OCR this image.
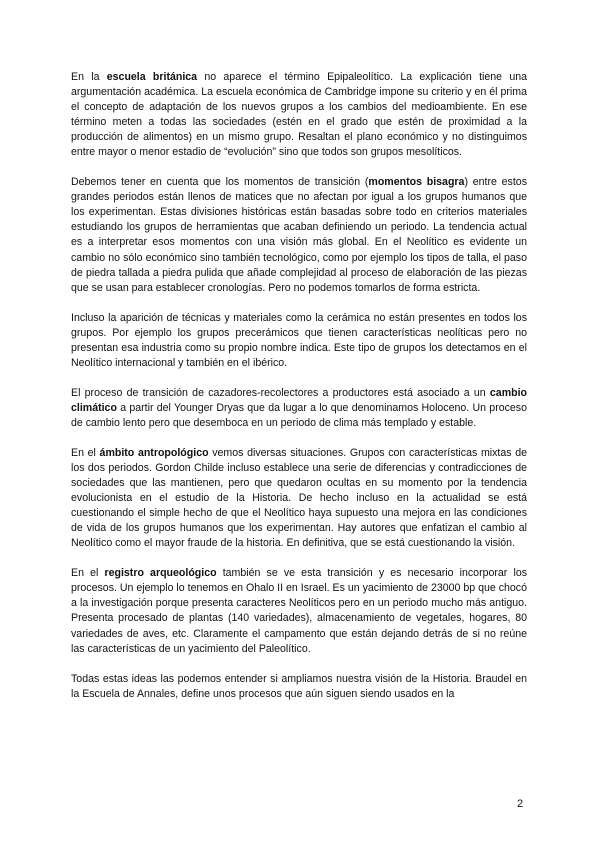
En la escuela británica no aparece el término Epipaleolítico. La explicación tiene una argumentación académica. La escuela económica de Cambridge impone su criterio y en él prima el concepto de adaptación de los nuevos grupos a los cambios del medioambiente. En ese término meten a todas las sociedades (estén en el grado que estén de proximidad a la producción de alimentos) en un mismo grupo. Resaltan el plano económico y no distinguimos entre mayor o menor estadio de “evolución” sino que todos son grupos mesolíticos.

Debemos tener en cuenta que los momentos de transición (momentos bisagra) entre estos grandes periodos están llenos de matices que no afectan por igual a los grupos humanos que los experimentan. Estas divisiones históricas están basadas sobre todo en criterios materiales estudiando los grupos de herramientas que acaban definiendo un periodo. La tendencia actual es a interpretar esos momentos con una visión más global. En el Neolítico es evidente un cambio no sólo económico sino también tecnológico, como por ejemplo los tipos de talla, el paso de piedra tallada a piedra pulida que añade complejidad al proceso de elaboración de las piezas que se usan para establecer cronologías. Pero no podemos tomarlos de forma estricta.

Incluso la aparición de técnicas y materiales como la cerámica no están presentes en todos los grupos. Por ejemplo los grupos precerámicos que tienen características neolíticas pero no presentan esa industria como su propio nombre indica. Este tipo de grupos los detectamos en el Neolítico internacional y también en el ibérico.

El proceso de transición de cazadores-recolectores a productores está asociado a un cambio climático a partir del Younger Dryas que da lugar a lo que denominamos Holoceno. Un proceso de cambio lento pero que desemboca en un periodo de clima más templado y estable.

En el ámbito antropológico vemos diversas situaciones. Grupos con características mixtas de los dos periodos. Gordon Childe incluso establece una serie de diferencias y contradicciones de sociedades que las mantienen, pero que quedaron ocultas en su momento por la tendencia evolucionista en el estudio de la Historia. De hecho incluso en la actualidad se está cuestionando el simple hecho de que el Neolítico haya supuesto una mejora en las condiciones de vida de los grupos humanos que los experimentan. Hay autores que enfatizan el cambio al Neolítico como el mayor fraude de la historia. En definitiva, que se está cuestionando la visión.

En el registro arqueológico también se ve esta transición y es necesario incorporar los procesos. Un ejemplo lo tenemos en Ohalo II en Israel. Es un yacimiento de 23000 bp que chocó a la investigación porque presenta caracteres Neolíticos pero en un periodo mucho más antiguo. Presenta procesado de plantas (140 variedades), almacenamiento de vegetales, hogares, 80 variedades de aves, etc. Claramente el campamento que están dejando detrás de si no reúne las características de un yacimiento del Paleolítico.

Todas estas ideas las podemos entender si ampliamos nuestra visión de la Historia. Braudel en la Escuela de Annales, define unos procesos que aún siguen siendo usados en la

2
